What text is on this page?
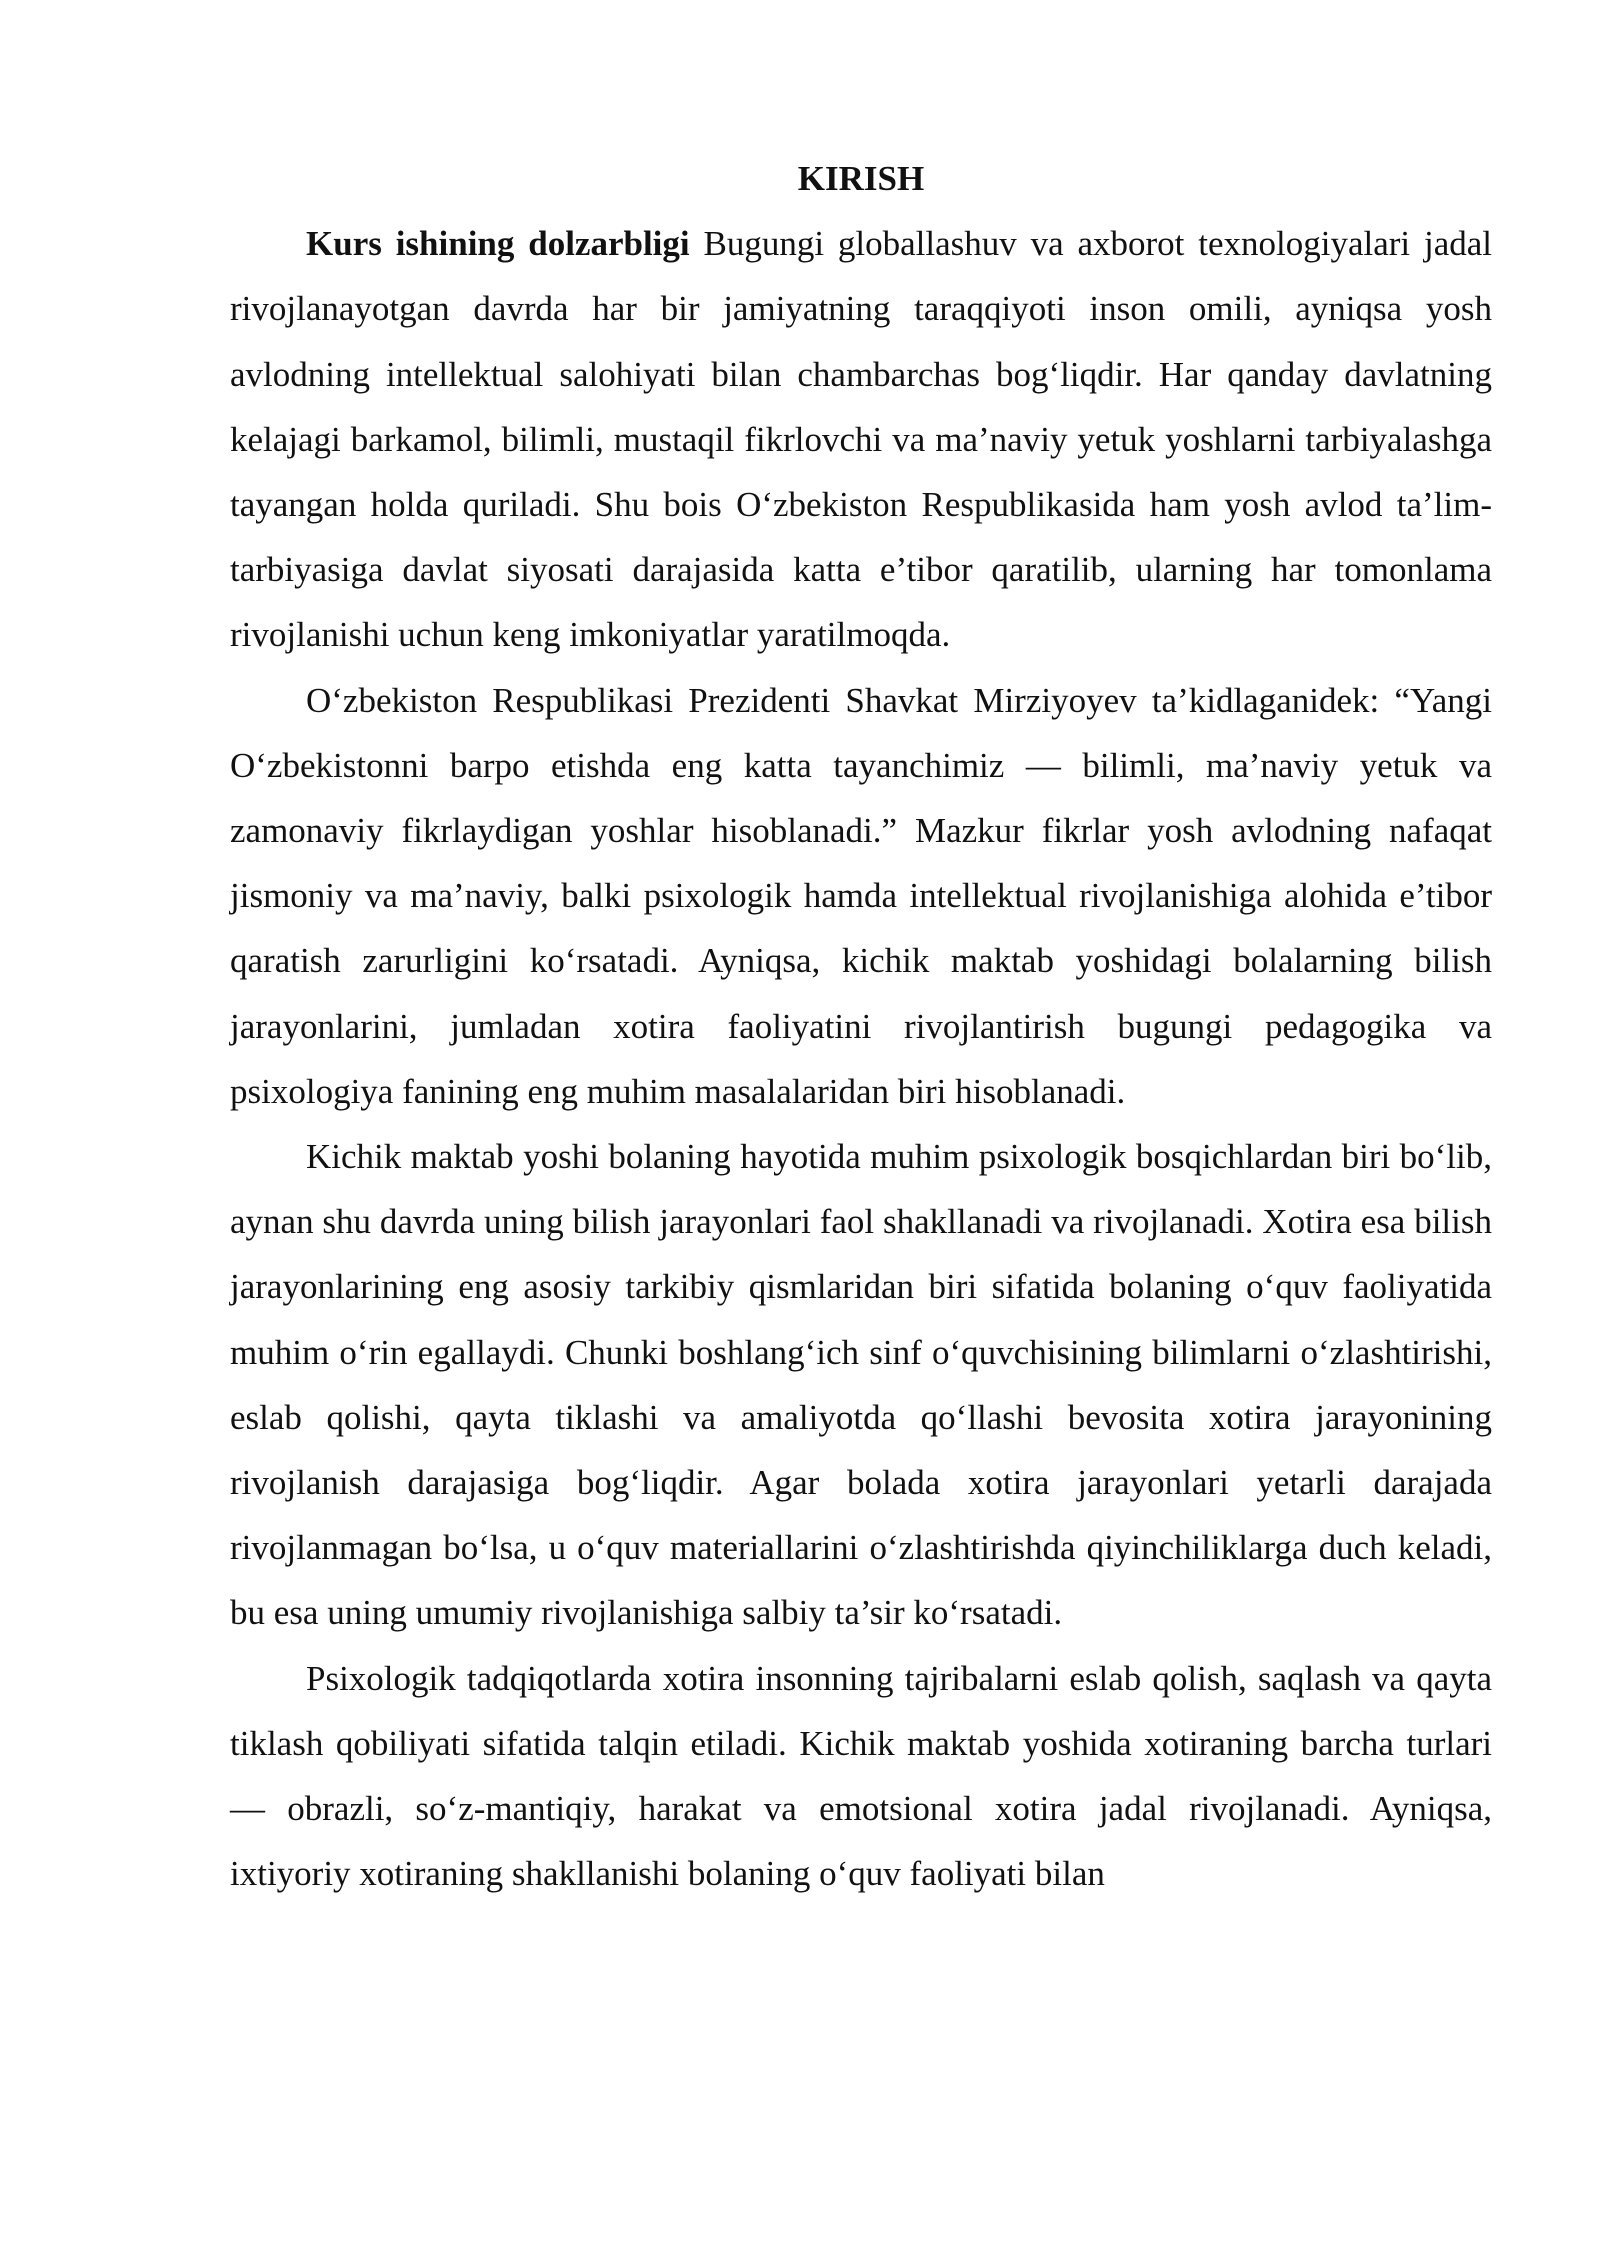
KIRISH

Kurs ishining dolzarbligi Bugungi globallashuv va axborot texnologiyalari jadal rivojlanayotgan davrda har bir jamiyatning taraqqiyoti inson omili, ayniqsa yosh avlodning intellektual salohiyati bilan chambarchas bog‘liqdir. Har qanday davlatning kelajagi barkamol, bilimli, mustaqil fikrlovchi va ma’naviy yetuk yoshlarni tarbiyalashga tayangan holda quriladi. Shu bois O‘zbekiston Respublikasida ham yosh avlod ta’lim-tarbiyasiga davlat siyosati darajasida katta e’tibor qaratilib, ularning har tomonlama rivojlanishi uchun keng imkoniyatlar yaratilmoqda.

O‘zbekiston Respublikasi Prezidenti Shavkat Mirziyoyev ta’kidlaganidek: “Yangi O‘zbekistonni barpo etishda eng katta tayanchimiz — bilimli, ma’naviy yetuk va zamonaviy fikrlaydigan yoshlar hisoblanadi.” Mazkur fikrlar yosh avlodning nafaqat jismoniy va ma’naviy, balki psixologik hamda intellektual rivojlanishiga alohida e’tibor qaratish zarurligini ko‘rsatadi. Ayniqsa, kichik maktab yoshidagi bolalarning bilish jarayonlarini, jumladan xotira faoliyatini rivojlantirish bugungi pedagogika va psixologiya fanining eng muhim masalalaridan biri hisoblanadi.

Kichik maktab yoshi bolaning hayotida muhim psixologik bosqichlardan biri bo‘lib, aynan shu davrda uning bilish jarayonlari faol shakllanadi va rivojlanadi. Xotira esa bilish jarayonlarining eng asosiy tarkibiy qismlaridan biri sifatida bolaning o‘quv faoliyatida muhim o‘rin egallaydi. Chunki boshlang‘ich sinf o‘quvchisining bilimlarni o‘zlashtirishi, eslab qolishi, qayta tiklashi va amaliyotda qo‘llashi bevosita xotira jarayonining rivojlanish darajasiga bog‘liqdir. Agar bolada xotira jarayonlari yetarli darajada rivojlanmagan bo‘lsa, u o‘quv materiallarini o‘zlashtirishda qiyinchiliklarga duch keladi, bu esa uning umumiy rivojlanishiga salbiy ta’sir ko‘rsatadi.

Psixologik tadqiqotlarda xotira insonning tajribalarni eslab qolish, saqlash va qayta tiklash qobiliyati sifatida talqin etiladi. Kichik maktab yoshida xotiraning barcha turlari — obrazli, so‘z-mantiqiy, harakat va emotsional xotira jadal rivojlanadi. Ayniqsa, ixtiyoriy xotiraning shakllanishi bolaning o‘quv faoliyati bilan
